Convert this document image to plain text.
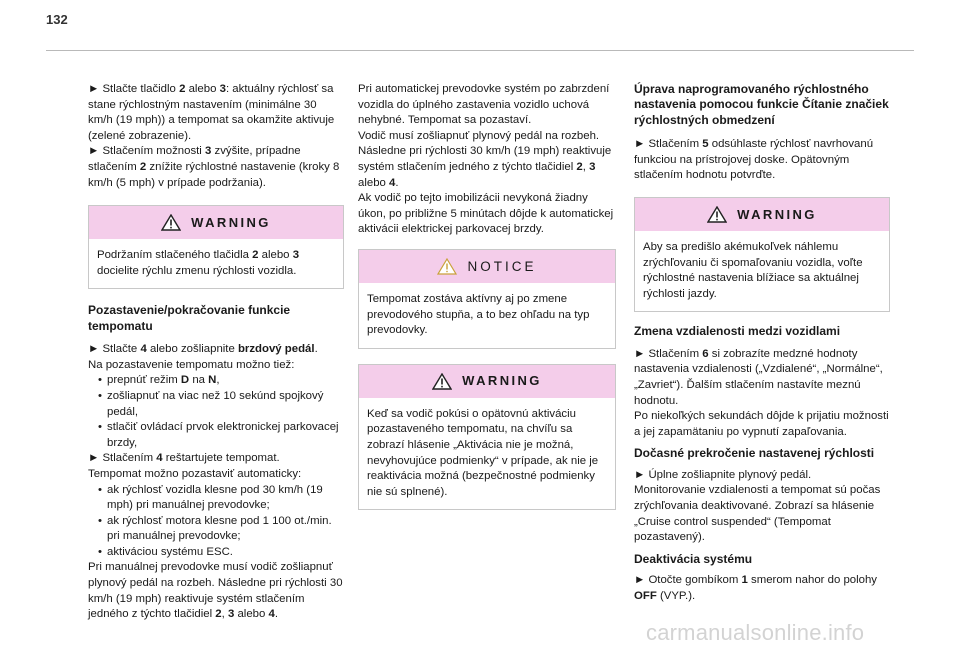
132

► Stlačte tlačidlo 2 alebo 3: aktuálny rýchlosť sa stane rýchlostným nastavením (minimálne 30 km/h (19 mph)) a tempomat sa okamžite aktivuje (zelené zobrazenie).

► Stlačením možnosti 3 zvýšite, prípadne stlačením 2 znížite rýchlostné nastavenie (kroky 8 km/h (5 mph) v prípade podržania).

WARNING
Podržaním stlačeného tlačidla 2 alebo 3 docielite rýchlu zmenu rýchlosti vozidla.

Pozastavenie/pokračovanie funkcie tempomatu

► Stlačte 4 alebo zošliapnite brzdový pedál.

Na pozastavenie tempomatu možno tiež:

• prepnúť režim D na N,
• zošliapnuť na viac než 10 sekúnd spojkový pedál,
• stlačiť ovládací prvok elektronickej parkovacej brzdy,

► Stlačením 4 reštartujete tempomat.

Tempomat možno pozastaviť automaticky:

• ak rýchlosť vozidla klesne pod 30 km/h (19 mph) pri manuálnej prevodovke;
• ak rýchlosť motora klesne pod 1 100 ot./min. pri manuálnej prevodovke;
• aktiváciou systému ESC.

Pri manuálnej prevodovke musí vodič zošliapnuť plynový pedál na rozbeh. Následne pri rýchlosti 30 km/h (19 mph) reaktivuje systém stlačením jedného z týchto tlačidiel 2, 3 alebo 4.

Pri automatickej prevodovke systém po zabrzdení vozidla do úplného zastavenia vozidlo uchová nehybné. Tempomat sa pozastaví.

Vodič musí zošliapnuť plynový pedál na rozbeh. Následne pri rýchlosti 30 km/h (19 mph) reaktivuje systém stlačením jedného z týchto tlačidiel 2, 3 alebo 4.

Ak vodič po tejto imobilizácii nevykoná žiadny úkon, po približne 5 minútach dôjde k automatickej aktivácii elektrickej parkovacej brzdy.

NOTICE
Tempomat zostáva aktívny aj po zmene prevodového stupňa, a to bez ohľadu na typ prevodovky.
WARNING
Keď sa vodič pokúsi o opätovnú aktiváciu pozastaveného tempomatu, na chvíľu sa zobrazí hlásenie „Aktivácia nie je možná, nevyhovujúce podmienky“ v prípade, ak nie je reaktivácia možná (bezpečnostné podmienky nie sú splnené).

Úprava naprogramovaného rýchlostného nastavenia pomocou funkcie Čítanie značiek rýchlostných obmedzení

► Stlačením 5 odsúhlaste rýchlosť navrhovanú funkciou na prístrojovej doske. Opätovným stlačením hodnotu potvrďte.

WARNING
Aby sa predišlo akémukoľvek náhlemu zrýchľovaniu či spomaľovaniu vozidla, voľte rýchlostné nastavenia blížiace sa aktuálnej rýchlosti jazdy.

Zmena vzdialenosti medzi vozidlami

► Stlačením 6 si zobrazíte medzné hodnoty nastavenia vzdialenosti („Vzdialené“, „Normálne“, „Zavriet“). Ďalším stlačením nastavíte meznú hodnotu.

Po niekoľkých sekundách dôjde k prijatiu možnosti a jej zapamätaniu po vypnutí zapaľovania.

Dočasné prekročenie nastavenej rýchlosti

► Úplne zošliapnite plynový pedál.

Monitorovanie vzdialenosti a tempomat sú počas zrýchľovania deaktivované. Zobrazí sa hlásenie „Cruise control suspended“ (Tempomat pozastavený).

Deaktivácia systému

► Otočte gombíkom 1 smerom nahor do polohy OFF (VYP.).

carmanualsonline.info
